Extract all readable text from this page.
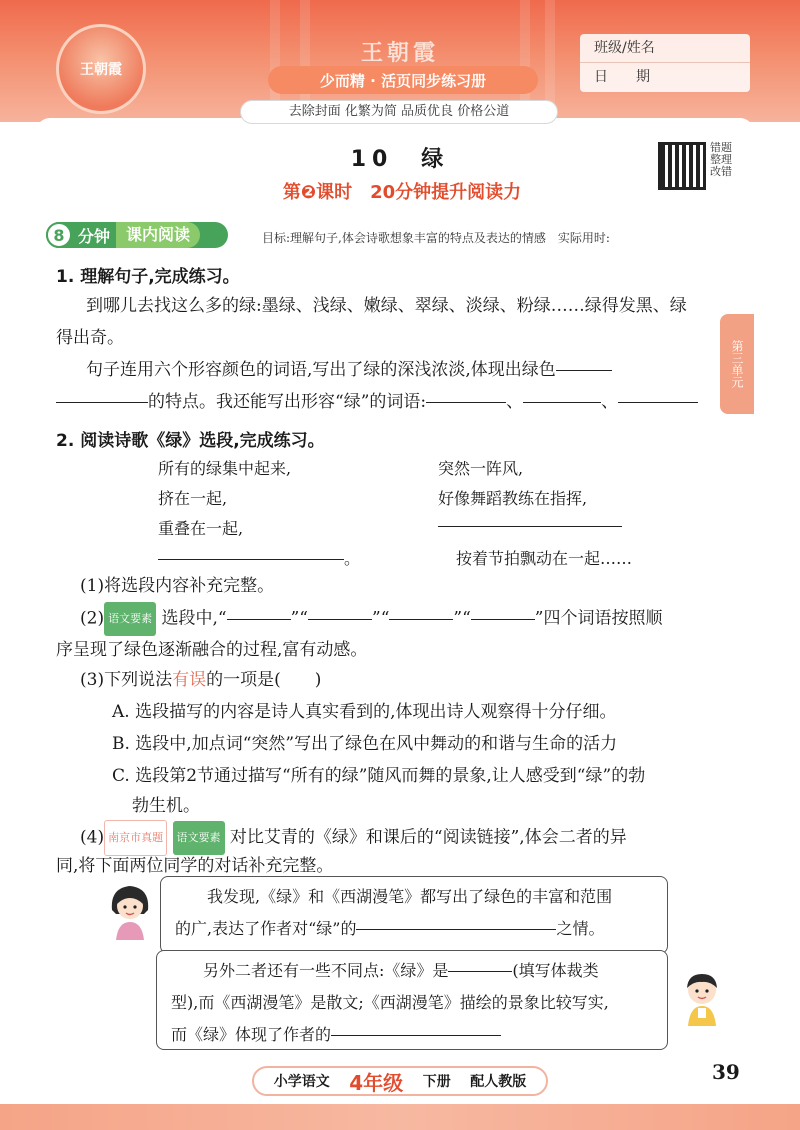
王朝霞
王朝霞
少而精 · 活页同步练习册
班级/姓名
日　　期
第三单元
去除封面 化繁为简 品质优良 价格公道
10　绿
第❷课时　20分钟提升阅读力
错题整理改错
8 分钟	课内阅读	目标:理解句子,体会诗歌想象丰富的特点及表达的情感　实际用时:
1. 理解句子,完成练习。
到哪儿去找这么多的绿:墨绿、浅绿、嫩绿、翠绿、淡绿、粉绿……绿得发黑、绿
得出奇。
句子连用六个形容颜色的词语,写出了绿的深浅浓淡,体现出绿色
的特点。我还能写出形容“绿”的词语:	、	、
2. 阅读诗歌《绿》选段,完成练习。
所有的绿集中起来,
挤在一起,
重叠在一起,
。
突然一阵风,
好像舞蹈教练在指挥,
按着节拍飘动在一起……
(1)将选段内容补充完整。
(2) 语文要素 选段中,“	”“	”“	”“	”四个词语按照顺
序呈现了绿色逐渐融合的过程,富有动感。
(3)下列说法有误的一项是(　　)
A. 选段描写的内容是诗人真实看到的,体现出诗人观察得十分仔细。
B. 选段中,加点词“突然”写出了绿色在风中舞动的和谐与生命的活力
C. 选段第2节通过描写“所有的绿”随风而舞的景象,让人感受到“绿”的勃
勃生机。
(4) 南京市真题 语文要素 对比艾青的《绿》和课后的“阅读链接”,体会二者的异
同,将下面两位同学的对话补充完整。
我发现,《绿》和《西湖漫笔》都写出了绿色的丰富和范围
的广,表达了作者对“绿”的	之情。
另外二者还有一些不同点:《绿》是	(填写体裁类
型),而《西湖漫笔》是散文;《西湖漫笔》描绘的景象比较写实,
而《绿》体现了作者的
小学语文 4年级 下册 配人教版	39
